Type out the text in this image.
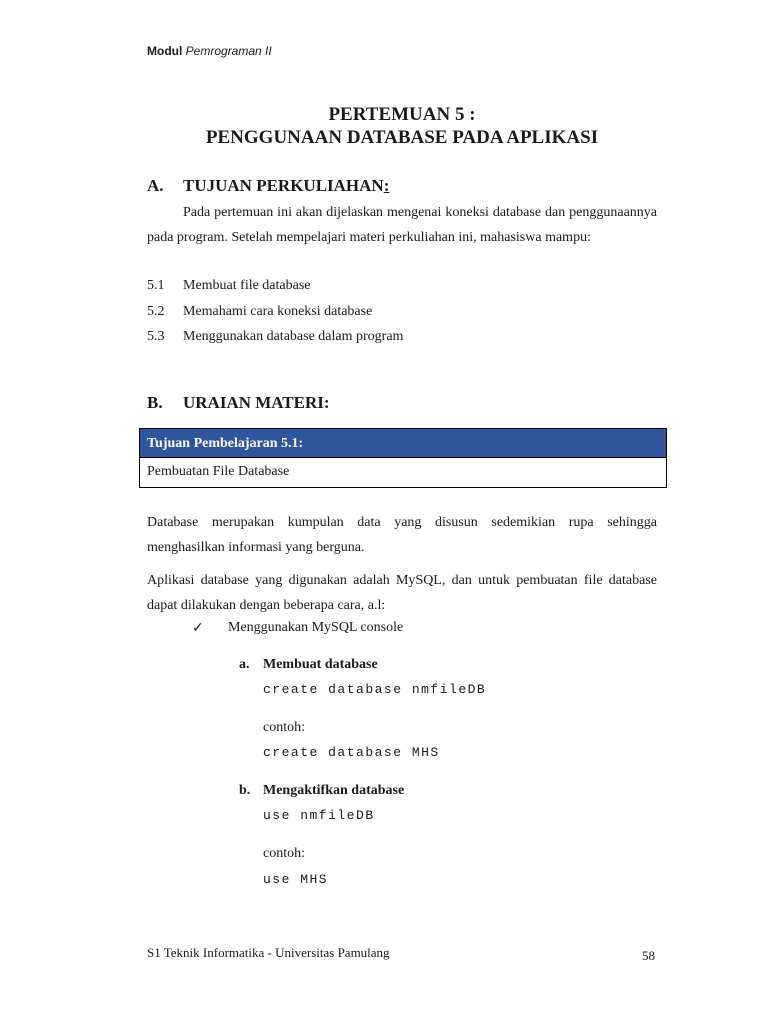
Modul Pemrograman II
PERTEMUAN 5 :
PENGGUNAAN DATABASE PADA APLIKASI
A. TUJUAN PERKULIAHAN:
Pada pertemuan ini akan dijelaskan mengenai koneksi database dan penggunaannya pada program. Setelah mempelajari materi perkuliahan ini, mahasiswa mampu:
5.1 Membuat file database
5.2 Memahami cara koneksi database
5.3 Menggunakan database dalam program
B. URAIAN MATERI:
Tujuan Pembelajaran 5.1:
Pembuatan File Database
Database merupakan kumpulan data yang disusun sedemikian rupa sehingga menghasilkan informasi yang berguna.
Aplikasi database yang digunakan adalah MySQL, dan untuk pembuatan file database dapat dilakukan dengan beberapa cara, a.l:
✓ Menggunakan MySQL console
a. Membuat database
create database nmfileDB
contoh:
create database MHS
b. Mengaktifkan database
use nmfileDB
contoh:
use MHS
S1 Teknik Informatika - Universitas Pamulang	58
